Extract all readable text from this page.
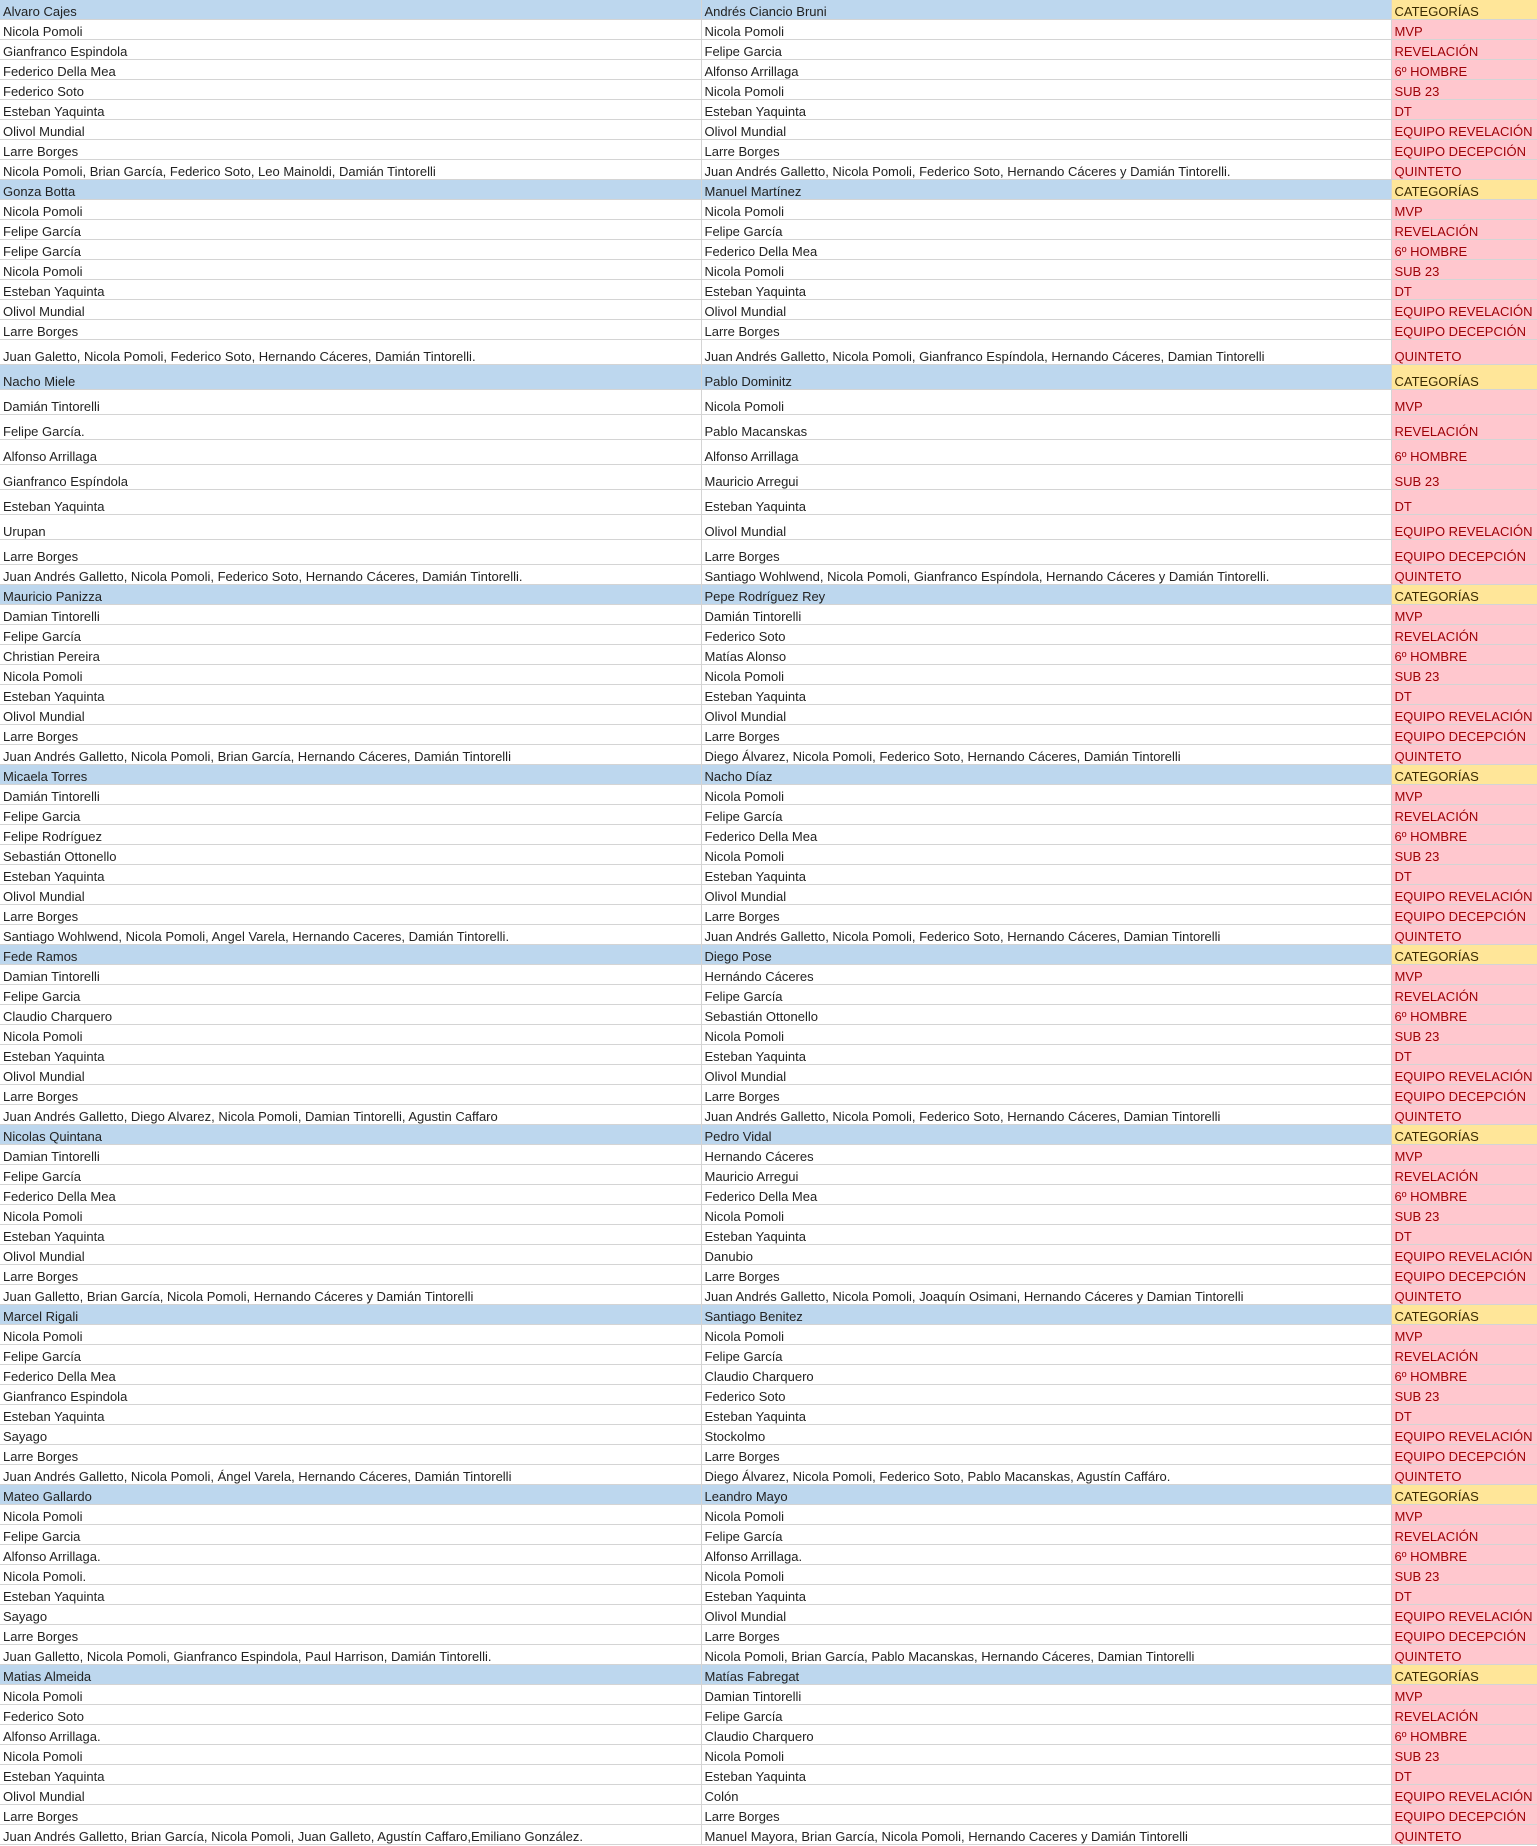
Alvaro Cajes	Andrés Ciancio Bruni	CATEGORÍAS
Nicola Pomoli	Nicola Pomoli	MVP
Gianfranco Espindola	Felipe Garcia	REVELACIÓN
Federico Della Mea	Alfonso Arrillaga	6º HOMBRE
Federico Soto	Nicola Pomoli	SUB 23
Esteban Yaquinta	Esteban Yaquinta	DT
Olivol Mundial	Olivol Mundial	EQUIPO REVELACIÓN
Larre Borges	Larre Borges	EQUIPO DECEPCIÓN
Nicola Pomoli, Brian García, Federico Soto, Leo Mainoldi, Damián Tintorelli	Juan Andrés Galletto, Nicola Pomoli, Federico Soto, Hernando Cáceres y Damián Tintorelli.	QUINTETO
Gonza Botta	Manuel Martínez	CATEGORÍAS
Nicola Pomoli	Nicola Pomoli	MVP
Felipe García	Felipe García	REVELACIÓN
Felipe García	Federico Della Mea	6º HOMBRE
Nicola Pomoli	Nicola Pomoli	SUB 23
Esteban Yaquinta	Esteban Yaquinta	DT
Olivol Mundial	Olivol Mundial	EQUIPO REVELACIÓN
Larre Borges	Larre Borges	EQUIPO DECEPCIÓN
Juan Galetto, Nicola Pomoli, Federico Soto, Hernando Cáceres, Damián Tintorelli.	Juan Andrés Galletto, Nicola Pomoli, Gianfranco Espíndola, Hernando Cáceres, Damian Tintorelli	QUINTETO
Nacho Miele	Pablo Dominitz	CATEGORÍAS
Damián Tintorelli	Nicola Pomoli	MVP
Felipe García.	Pablo Macanskas	REVELACIÓN
Alfonso Arrillaga	Alfonso Arrillaga	6º HOMBRE
Gianfranco Espíndola	Mauricio Arregui	SUB 23
Esteban Yaquinta	Esteban Yaquinta	DT
Urupan	Olivol Mundial	EQUIPO REVELACIÓN
Larre Borges	Larre Borges	EQUIPO DECEPCIÓN
Juan Andrés Galletto, Nicola Pomoli, Federico Soto, Hernando Cáceres, Damián Tintorelli.	Santiago Wohlwend, Nicola Pomoli, Gianfranco Espíndola, Hernando Cáceres y Damián Tintorelli.	QUINTETO
Mauricio Panizza	Pepe Rodríguez Rey	CATEGORÍAS
Damian Tintorelli	Damián Tintorelli	MVP
Felipe García	Federico Soto	REVELACIÓN
Christian Pereira	Matías Alonso	6º HOMBRE
Nicola Pomoli	Nicola Pomoli	SUB 23
Esteban Yaquinta	Esteban Yaquinta	DT
Olivol Mundial	Olivol Mundial	EQUIPO REVELACIÓN
Larre Borges	Larre Borges	EQUIPO DECEPCIÓN
Juan Andrés Galletto, Nicola Pomoli, Brian García, Hernando Cáceres, Damián Tintorelli	Diego Álvarez, Nicola Pomoli, Federico Soto, Hernando Cáceres, Damián Tintorelli	QUINTETO
Micaela Torres	Nacho Díaz	CATEGORÍAS
Damián Tintorelli	Nicola Pomoli	MVP
Felipe Garcia	Felipe García	REVELACIÓN
Felipe Rodríguez	Federico Della Mea	6º HOMBRE
Sebastián Ottonello	Nicola Pomoli	SUB 23
Esteban Yaquinta	Esteban Yaquinta	DT
Olivol Mundial	Olivol Mundial	EQUIPO REVELACIÓN
Larre Borges	Larre Borges	EQUIPO DECEPCIÓN
Santiago Wohlwend, Nicola Pomoli, Angel Varela, Hernando Caceres, Damián Tintorelli.	Juan Andrés Galletto, Nicola Pomoli, Federico Soto, Hernando Cáceres, Damian Tintorelli	QUINTETO
Fede Ramos	Diego Pose	CATEGORÍAS
Damian Tintorelli	Hernándo Cáceres	MVP
Felipe Garcia	Felipe García	REVELACIÓN
Claudio Charquero	Sebastián Ottonello	6º HOMBRE
Nicola Pomoli	Nicola Pomoli	SUB 23
Esteban Yaquinta	Esteban Yaquinta	DT
Olivol Mundial	Olivol Mundial	EQUIPO REVELACIÓN
Larre Borges	Larre Borges	EQUIPO DECEPCIÓN
Juan Andrés Galletto, Diego Alvarez, Nicola Pomoli, Damian Tintorelli, Agustin Caffaro	Juan Andrés Galletto, Nicola Pomoli, Federico Soto, Hernando Cáceres, Damian Tintorelli	QUINTETO
Nicolas Quintana	Pedro Vidal	CATEGORÍAS
Damian Tintorelli	Hernando Cáceres	MVP
Felipe García	Mauricio Arregui	REVELACIÓN
Federico Della Mea	Federico Della Mea	6º HOMBRE
Nicola Pomoli	Nicola Pomoli	SUB 23
Esteban Yaquinta	Esteban Yaquinta	DT
Olivol Mundial	Danubio	EQUIPO REVELACIÓN
Larre Borges	Larre Borges	EQUIPO DECEPCIÓN
Juan Galletto, Brian García, Nicola Pomoli, Hernando Cáceres y Damián Tintorelli	Juan Andrés Galletto, Nicola Pomoli, Joaquín Osimani, Hernando Cáceres y Damian Tintorelli	QUINTETO
Marcel Rigali	Santiago Benitez	CATEGORÍAS
Nicola Pomoli	Nicola Pomoli	MVP
Felipe García	Felipe García	REVELACIÓN
Federico Della Mea	Claudio Charquero	6º HOMBRE
Gianfranco Espindola	Federico Soto	SUB 23
Esteban Yaquinta	Esteban Yaquinta	DT
Sayago	Stockolmo	EQUIPO REVELACIÓN
Larre Borges	Larre Borges	EQUIPO DECEPCIÓN
Juan Andrés Galletto, Nicola Pomoli, Ángel Varela, Hernando Cáceres, Damián Tintorelli	Diego Álvarez, Nicola Pomoli, Federico Soto, Pablo Macanskas, Agustín Caffáro.	QUINTETO
Mateo Gallardo	Leandro Mayo	CATEGORÍAS
Nicola Pomoli	Nicola Pomoli	MVP
Felipe Garcia	Felipe García	REVELACIÓN
Alfonso Arrillaga.	Alfonso Arrillaga.	6º HOMBRE
Nicola Pomoli.	Nicola Pomoli	SUB 23
Esteban Yaquinta	Esteban Yaquinta	DT
Sayago	Olivol Mundial	EQUIPO REVELACIÓN
Larre Borges	Larre Borges	EQUIPO DECEPCIÓN
Juan Galletto, Nicola Pomoli, Gianfranco Espindola, Paul Harrison, Damián Tintorelli.	Nicola Pomoli, Brian García, Pablo Macanskas, Hernando Cáceres, Damian Tintorelli	QUINTETO
Matias Almeida	Matías Fabregat	CATEGORÍAS
Nicola Pomoli	Damian Tintorelli	MVP
Federico Soto	Felipe García	REVELACIÓN
Alfonso Arrillaga.	Claudio Charquero	6º HOMBRE
Nicola Pomoli	Nicola Pomoli	SUB 23
Esteban Yaquinta	Esteban Yaquinta	DT
Olivol Mundial	Colón	EQUIPO REVELACIÓN
Larre Borges	Larre Borges	EQUIPO DECEPCIÓN
Juan Andrés Galletto, Brian García, Nicola Pomoli, Juan Galleto, Agustín Caffaro,Emiliano González.	Manuel Mayora, Brian García, Nicola Pomoli, Hernando Caceres y Damián Tintorelli	QUINTETO
